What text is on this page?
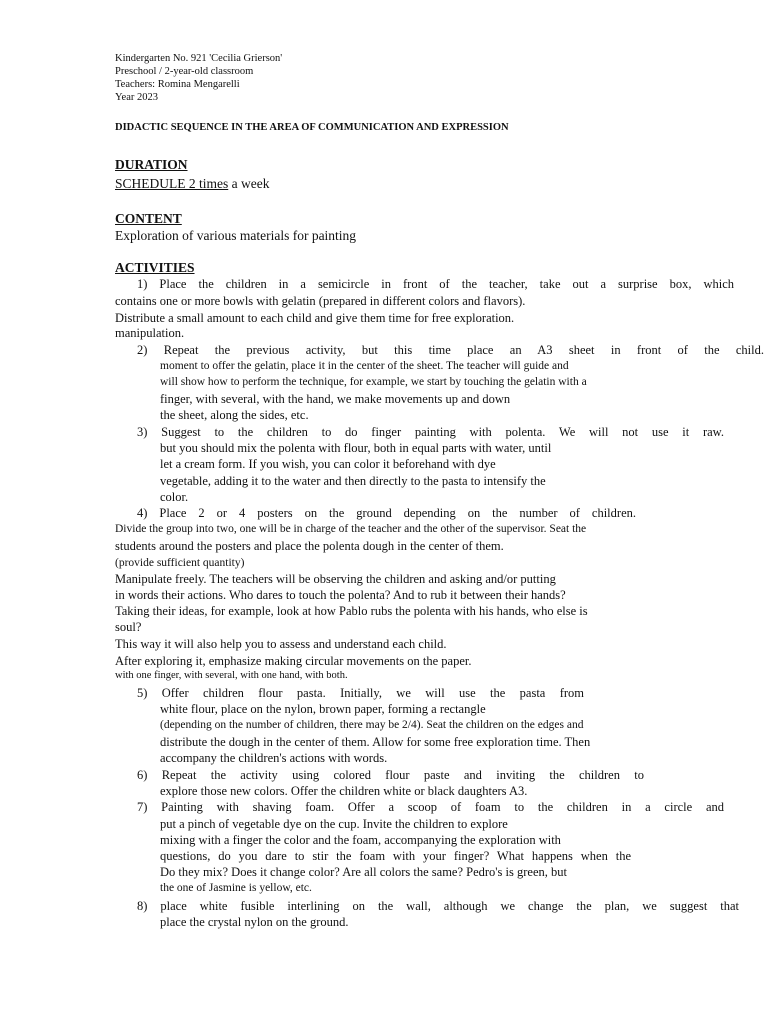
Kindergarten No. 921 'Cecilia Grierson'
Preschool / 2-year-old classroom
Teachers: Romina Mengarelli
Year 2023
DIDACTIC SEQUENCE IN THE AREA OF COMMUNICATION AND EXPRESSION
DURATION
SCHEDULE 2 times a week
CONTENT
Exploration of various materials for painting
ACTIVITIES
1) Place the children in a semicircle in front of the teacher, take out a surprise box, which
contains one or more bowls with gelatin (prepared in different colors and flavors).
Distribute a small amount to each child and give them time for free exploration.
manipulation.
2) Repeat the previous activity, but this time place an A3 sheet in front of the child.
moment to offer the gelatin, place it in the center of the sheet. The teacher will guide and
will show how to perform the technique, for example, we start by touching the gelatin with a
finger, with several, with the hand, we make movements up and down
the sheet, along the sides, etc.
3) Suggest to the children to do finger painting with polenta. We will not use it raw.
but you should mix the polenta with flour, both in equal parts with water, until
let a cream form. If you wish, you can color it beforehand with dye
vegetable, adding it to the water and then directly to the pasta to intensify the
color.
4) Place 2 or 4 posters on the ground depending on the number of children.
Divide the group into two, one will be in charge of the teacher and the other of the supervisor. Seat the
students around the posters and place the polenta dough in the center of them.
(provide sufficient quantity)
Manipulate freely. The teachers will be observing the children and asking and/or putting
in words their actions. Who dares to touch the polenta? And to rub it between their hands?
Taking their ideas, for example, look at how Pablo rubs the polenta with his hands, who else is
soul?
This way it will also help you to assess and understand each child.
After exploring it, emphasize making circular movements on the paper.
with one finger, with several, with one hand, with both.
5) Offer children flour pasta. Initially, we will use the pasta from
white flour, place on the nylon, brown paper, forming a rectangle
(depending on the number of children, there may be 2/4). Seat the children on the edges and
distribute the dough in the center of them. Allow for some free exploration time. Then
accompany the children's actions with words.
6) Repeat the activity using colored flour paste and inviting the children to
explore those new colors. Offer the children white or black daughters A3.
7) Painting with shaving foam. Offer a scoop of foam to the children in a circle and
put a pinch of vegetable dye on the cup. Invite the children to explore
mixing with a finger the color and the foam, accompanying the exploration with
questions, do you dare to stir the foam with your finger? What happens when the
Do they mix? Does it change color? Are all colors the same? Pedro's is green, but
the one of Jasmine is yellow, etc.
8) place white fusible interlining on the wall, although we change the plan, we suggest that
place the crystal nylon on the ground.
